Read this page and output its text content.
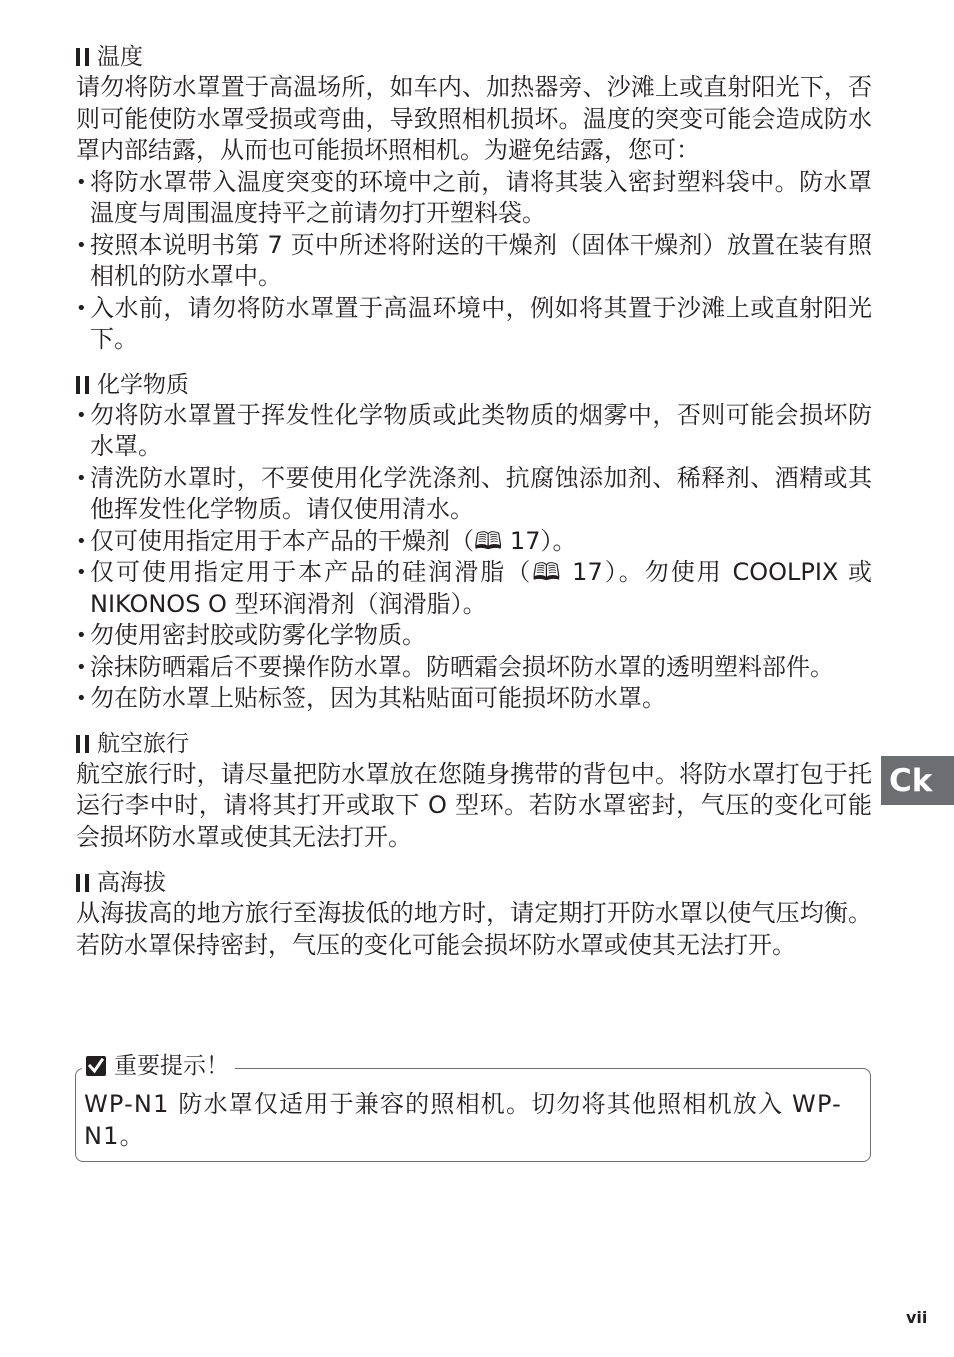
温度

请勿将防水罩置于高温场所，如车内、加热器旁、沙滩上或直射阳光下，否则可能使防水罩受损或弯曲，导致照相机损坏。温度的突变可能会造成防水罩内部结露，从而也可能损坏照相机。为避免结露，您可：

• 将防水罩带入温度突变的环境中之前，请将其装入密封塑料袋中。防水罩温度与周围温度持平之前请勿打开塑料袋。
• 按照本说明书第 7 页中所述将附送的干燥剂（固体干燥剂）放置在装有照相机的防水罩中。
• 入水前，请勿将防水罩置于高温环境中，例如将其置于沙滩上或直射阳光下。
化学物质
• 勿将防水罩置于挥发性化学物质或此类物质的烟雾中，否则可能会损坏防水罩。
• 清洗防水罩时，不要使用化学洗涤剂、抗腐蚀添加剂、稀释剂、酒精或其他挥发性化学物质。请仅使用清水。
• 仅可使用指定用于本产品的干燥剂（🕮 17）。
• 仅可使用指定用于本产品的硅润滑脂（🕮 17）。勿使用 COOLPIX 或 NIKONOS O 型环润滑剂（润滑脂）。
• 勿使用密封胶或防雾化学物质。
• 涂抹防晒霜后不要操作防水罩。防晒霜会损坏防水罩的透明塑料部件。
• 勿在防水罩上贴标签，因为其粘贴面可能损坏防水罩。
航空旅行

航空旅行时，请尽量把防水罩放在您随身携带的背包中。将防水罩打包于托运行李中时，请将其打开或取下 O 型环。若防水罩密封，气压的变化可能会损坏防水罩或使其无法打开。

高海拔

从海拔高的地方旅行至海拔低的地方时，请定期打开防水罩以使气压均衡。若防水罩保持密封，气压的变化可能会损坏防水罩或使其无法打开。

重要提示！
WP-N1 防水罩仅适用于兼容的照相机。切勿将其他照相机放入 WP-N1。
Ck
vii
